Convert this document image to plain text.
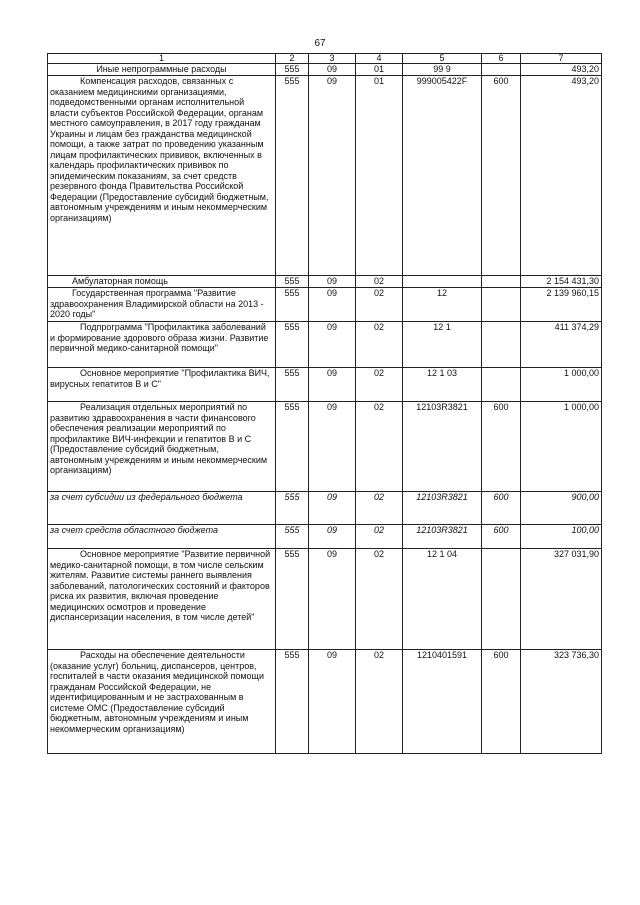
67
1	2	3	4	5	6	7

Иные непрограммные расходы	555	09	01	99 9		493,20

Компенсация расходов, связанных с оказанием медицинскими организациями, подведомственными органам исполнительной власти субъектов Российской Федерации, органам местного самоуправления, в 2017 году гражданам Украины и лицам без гражданства медицинской помощи, а также затрат по проведению указанным лицам профилактических прививок, включенных в календарь профилактических прививок по эпидемическим показаниям, за счет средств резервного фонда Правительства Российской Федерации (Предоставление субсидий бюджетным, автономным учреждениям и иным некоммерческим организациям)	555	09	01	999005422F	600	493,20

Амбулаторная помощь	555	09	02			2 154 431,30

Государственная программа "Развитие здравоохранения Владимирской области на 2013 - 2020 годы"	555	09	02	12		2 139 960,15

Подпрограмма "Профилактика заболеваний и формирование здорового образа жизни. Развитие первичной медико-санитарной помощи"	555	09	02	12 1		411 374,29

Основное мероприятие "Профилактика ВИЧ, вирусных гепатитов В и С"	555	09	02	12 1 03		1 000,00

Реализация отдельных мероприятий по развитию здравоохранения в части финансового обеспечения реализации мероприятий по профилактике ВИЧ-инфекции и гепатитов В и С (Предоставление субсидий бюджетным, автономным учреждениям и иным некоммерческим организациям)	555	09	02	12103R3821	600	1 000,00

за счет субсидии из федерального бюджета	555	09	02	12103R3821	600	900,00

за счет средств областного бюджета	555	09	02	12103R3821	600	100,00

Основное мероприятие "Развитие первичной медико-санитарной помощи, в том числе сельским жителям. Развитие системы раннего выявления заболеваний, патологических состояний и факторов риска их развития, включая проведение медицинских осмотров и проведение диспансеризации населения, в том числе детей"	555	09	02	12 1 04		327 031,90

Расходы на обеспечение деятельности (оказание услуг) больниц, диспансеров, центров, госпиталей в части оказания медицинской помощи гражданам Российской Федерации, не идентифицированным и не застрахованным в системе ОМС (Предоставление субсидий бюджетным, автономным учреждениям и иным некоммерческим организациям)	555	09	02	1210401591	600	323 736,30
